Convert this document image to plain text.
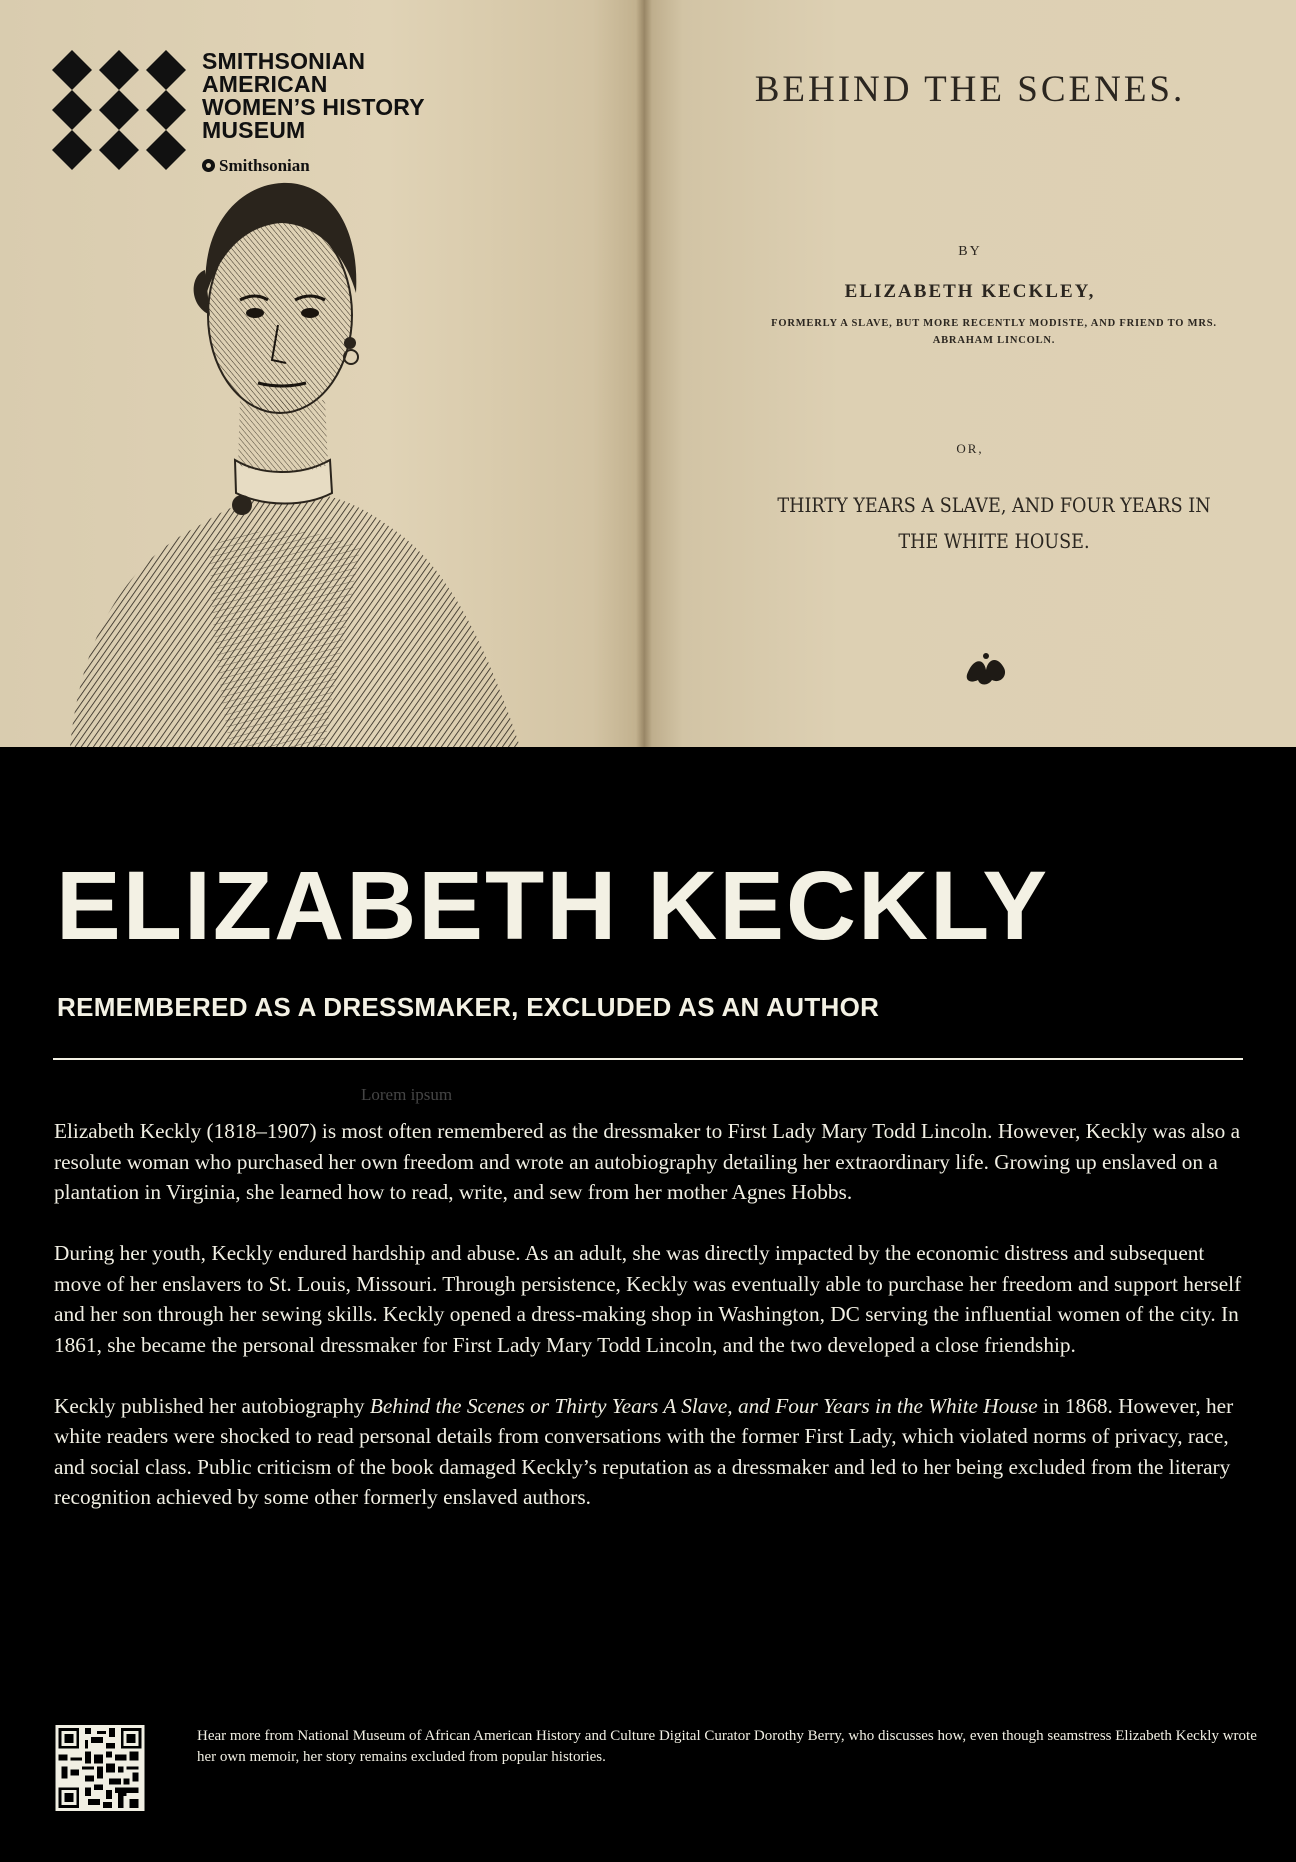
SMITHSONIAN
AMERICAN
WOMEN’S HISTORY
MUSEUM
Smithsonian
BEHIND THE SCENES.
BY
ELIZABETH KECKLEY,
FORMERLY A SLAVE, BUT MORE RECENTLY MODISTE, AND FRIEND TO MRS. ABRAHAM LINCOLN.
OR,
THIRTY YEARS A SLAVE, AND FOUR YEARS IN THE WHITE HOUSE.
ELIZABETH KECKLY
REMEMBERED AS A DRESSMAKER, EXCLUDED AS AN AUTHOR
Lorem ipsum

Elizabeth Keckly (1818–1907) is most often remembered as the dressmaker to First Lady Mary Todd Lincoln. However, Keckly was also a resolute woman who purchased her own freedom and wrote an autobiography detailing her extraordinary life. Growing up enslaved on a plantation in Virginia, she learned how to read, write, and sew from her mother Agnes Hobbs.

During her youth, Keckly endured hardship and abuse. As an adult, she was directly impacted by the economic distress and subsequent move of her enslavers to St. Louis, Missouri. Through persistence, Keckly was eventually able to purchase her freedom and support herself and her son through her sewing skills. Keckly opened a dress-making shop in Washington, DC serving the influential women of the city. In 1861, she became the personal dressmaker for First Lady Mary Todd Lincoln, and the two developed a close friendship.

Keckly published her autobiography Behind the Scenes or Thirty Years A Slave, and Four Years in the White House in 1868. However, her white readers were shocked to read personal details from conversations with the former First Lady, which violated norms of privacy, race, and social class. Public criticism of the book damaged Keckly’s reputation as a dressmaker and led to her being excluded from the literary recognition achieved by some other formerly enslaved authors.

Hear more from National Museum of African American History and Culture Digital Curator Dorothy Berry, who discusses how, even though seamstress Elizabeth Keckly wrote her own memoir, her story remains excluded from popular histories.
